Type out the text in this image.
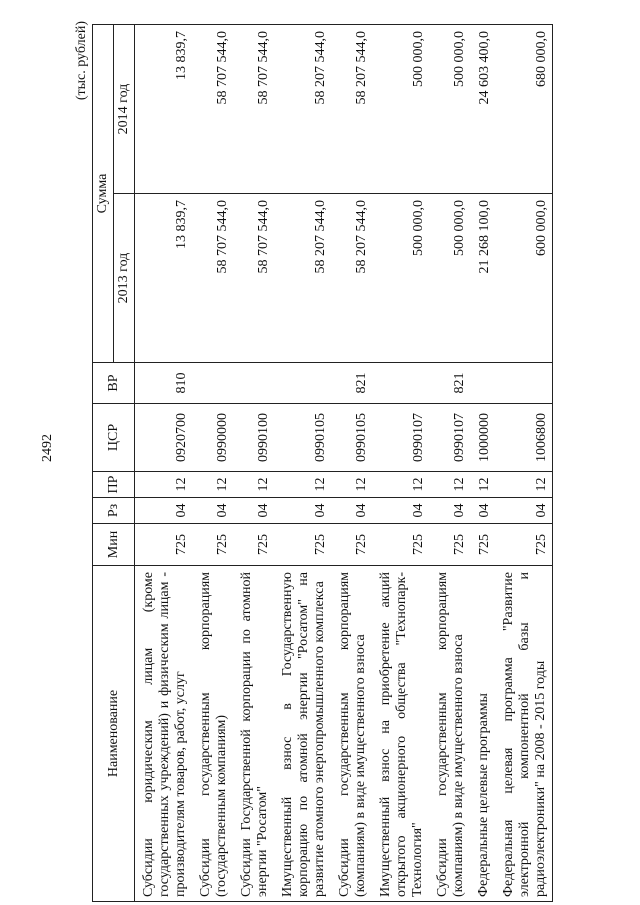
2492
(тыс. рублей)
Наименование	Мин	Рз	ПР	ЦСР	ВР	Сумма	
						2013 год	2014 год
Субсидии юридическим лицам (кроме государственных учреждений) и физическим лицам - производителям товаров, работ, услуг	725	04	12	0920700	810	13 839,7	13 839,7
Субсидии государственным корпорациям (государственным компаниям)	725	04	12	0990000		58 707 544,0	58 707 544,0
Субсидии Государственной корпорации по атомной энергии "Росатом"	725	04	12	0990100		58 707 544,0	58 707 544,0
Имущественный взнос в Государственную корпорацию по атомной энергии "Росатом" на развитие атомного энергопромышленного комплекса	725	04	12	0990105		58 207 544,0	58 207 544,0
Субсидии государственным корпорациям (компаниям) в виде имущественного взноса	725	04	12	0990105	821	58 207 544,0	58 207 544,0
Имущественный взнос на приобретение акций открытого акционерного общества "Технопарк-Технология"	725	04	12	0990107		500 000,0	500 000,0
Субсидии государственным корпорациям (компаниям) в виде имущественного взноса	725	04	12	0990107	821	500 000,0	500 000,0
Федеральные целевые программы	725	04	12	1000000		21 268 100,0	24 603 400,0
Федеральная целевая программа "Развитие электронной компонентной базы и радиоэлектроники" на 2008 - 2015 годы	725	04	12	1006800		600 000,0	680 000,0
